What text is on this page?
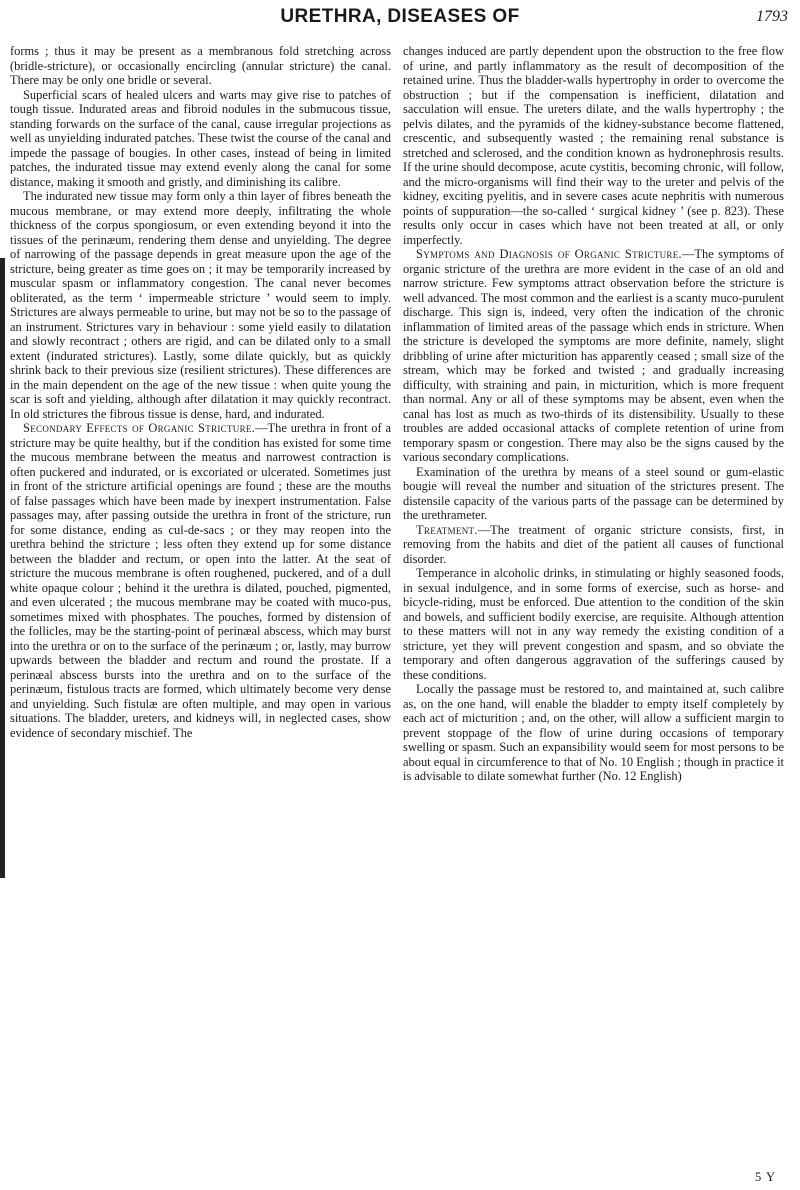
URETHRA, DISEASES OF	1793

forms ; thus it may be present as a membranous fold stretching across (bridle-stricture), or occasionally encircling (annular stricture) the canal. There may be only one bridle or several.

Superficial scars of healed ulcers and warts may give rise to patches of tough tissue. Indurated areas and fibroid nodules in the submucous tissue, standing forwards on the surface of the canal, cause irregular projections as well as unyielding indurated patches. These twist the course of the canal and impede the passage of bougies. In other cases, instead of being in limited patches, the indurated tissue may extend evenly along the canal for some distance, making it smooth and gristly, and diminishing its calibre.

The indurated new tissue may form only a thin layer of fibres beneath the mucous membrane, or may extend more deeply, infiltrating the whole thickness of the corpus spongiosum, or even extending beyond it into the tissues of the perinæum, rendering them dense and unyielding. The degree of narrowing of the passage depends in great measure upon the age of the stricture, being greater as time goes on ; it may be temporarily increased by muscular spasm or inflammatory congestion. The canal never becomes obliterated, as the term ‘ impermeable stricture ’ would seem to imply. Strictures are always permeable to urine, but may not be so to the passage of an instrument. Strictures vary in behaviour : some yield easily to dilatation and slowly recontract ; others are rigid, and can be dilated only to a small extent (indurated strictures). Lastly, some dilate quickly, but as quickly shrink back to their previous size (resilient strictures). These differences are in the main dependent on the age of the new tissue : when quite young the scar is soft and yielding, although after dilatation it may quickly recontract. In old strictures the fibrous tissue is dense, hard, and indurated.

Secondary Effects of Organic Stricture.—The urethra in front of a stricture may be quite healthy, but if the condition has existed for some time the mucous membrane between the meatus and narrowest contraction is often puckered and indurated, or is excoriated or ulcerated. Sometimes just in front of the stricture artificial openings are found ; these are the mouths of false passages which have been made by inexpert instrumentation. False passages may, after passing outside the urethra in front of the stricture, run for some distance, ending as cul-de-sacs ; or they may reopen into the urethra behind the stricture ; less often they extend up for some distance between the bladder and rectum, or open into the latter. At the seat of stricture the mucous membrane is often roughened, puckered, and of a dull white opaque colour ; behind it the urethra is dilated, pouched, pigmented, and even ulcerated ; the mucous membrane may be coated with muco-pus, sometimes mixed with phosphates. The pouches, formed by distension of the follicles, may be the starting-point of perinæal abscess, which may burst into the urethra or on to the surface of the perinæum ; or, lastly, may burrow upwards between the bladder and rectum and round the prostate. If a perinæal abscess bursts into the urethra and on to the surface of the perinæum, fistulous tracts are formed, which ultimately become very dense and unyielding. Such fistulæ are often multiple, and may open in various situations. The bladder, ureters, and kidneys will, in neglected cases, show evidence of secondary mischief. The

changes induced are partly dependent upon the obstruction to the free flow of urine, and partly inflammatory as the result of decomposition of the retained urine. Thus the bladder-walls hypertrophy in order to overcome the obstruction ; but if the compensation is inefficient, dilatation and sacculation will ensue. The ureters dilate, and the walls hypertrophy ; the pelvis dilates, and the pyramids of the kidney-substance become flattened, crescentic, and subsequently wasted ; the remaining renal substance is stretched and sclerosed, and the condition known as hydronephrosis results. If the urine should decompose, acute cystitis, becoming chronic, will follow, and the micro-organisms will find their way to the ureter and pelvis of the kidney, exciting pyelitis, and in severe cases acute nephritis with numerous points of suppuration—the so-called ‘ surgical kidney ’ (see p. 823). These results only occur in cases which have not been treated at all, or only imperfectly.

Symptoms and Diagnosis of Organic Stricture.—The symptoms of organic stricture of the urethra are more evident in the case of an old and narrow stricture. Few symptoms attract observation before the stricture is well advanced. The most common and the earliest is a scanty muco-purulent discharge. This sign is, indeed, very often the indication of the chronic inflammation of limited areas of the passage which ends in stricture. When the stricture is developed the symptoms are more definite, namely, slight dribbling of urine after micturition has apparently ceased ; small size of the stream, which may be forked and twisted ; and gradually increasing difficulty, with straining and pain, in micturition, which is more frequent than normal. Any or all of these symptoms may be absent, even when the canal has lost as much as two-thirds of its distensibility. Usually to these troubles are added occasional attacks of complete retention of urine from temporary spasm or congestion. There may also be the signs caused by the various secondary complications.

Examination of the urethra by means of a steel sound or gum-elastic bougie will reveal the number and situation of the strictures present. The distensile capacity of the various parts of the passage can be determined by the urethrameter.

Treatment.—The treatment of organic stricture consists, first, in removing from the habits and diet of the patient all causes of functional disorder.

Temperance in alcoholic drinks, in stimulating or highly seasoned foods, in sexual indulgence, and in some forms of exercise, such as horse- and bicycle-riding, must be enforced. Due attention to the condition of the skin and bowels, and sufficient bodily exercise, are requisite. Although attention to these matters will not in any way remedy the existing condition of a stricture, yet they will prevent congestion and spasm, and so obviate the temporary and often dangerous aggravation of the sufferings caused by these conditions.

Locally the passage must be restored to, and maintained at, such calibre as, on the one hand, will enable the bladder to empty itself completely by each act of micturition ; and, on the other, will allow a sufficient margin to prevent stoppage of the flow of urine during occasions of temporary swelling or spasm. Such an expansibility would seem for most persons to be about equal in circumference to that of No. 10 English ; though in practice it is advisable to dilate somewhat further (No. 12 English)

5 Y
